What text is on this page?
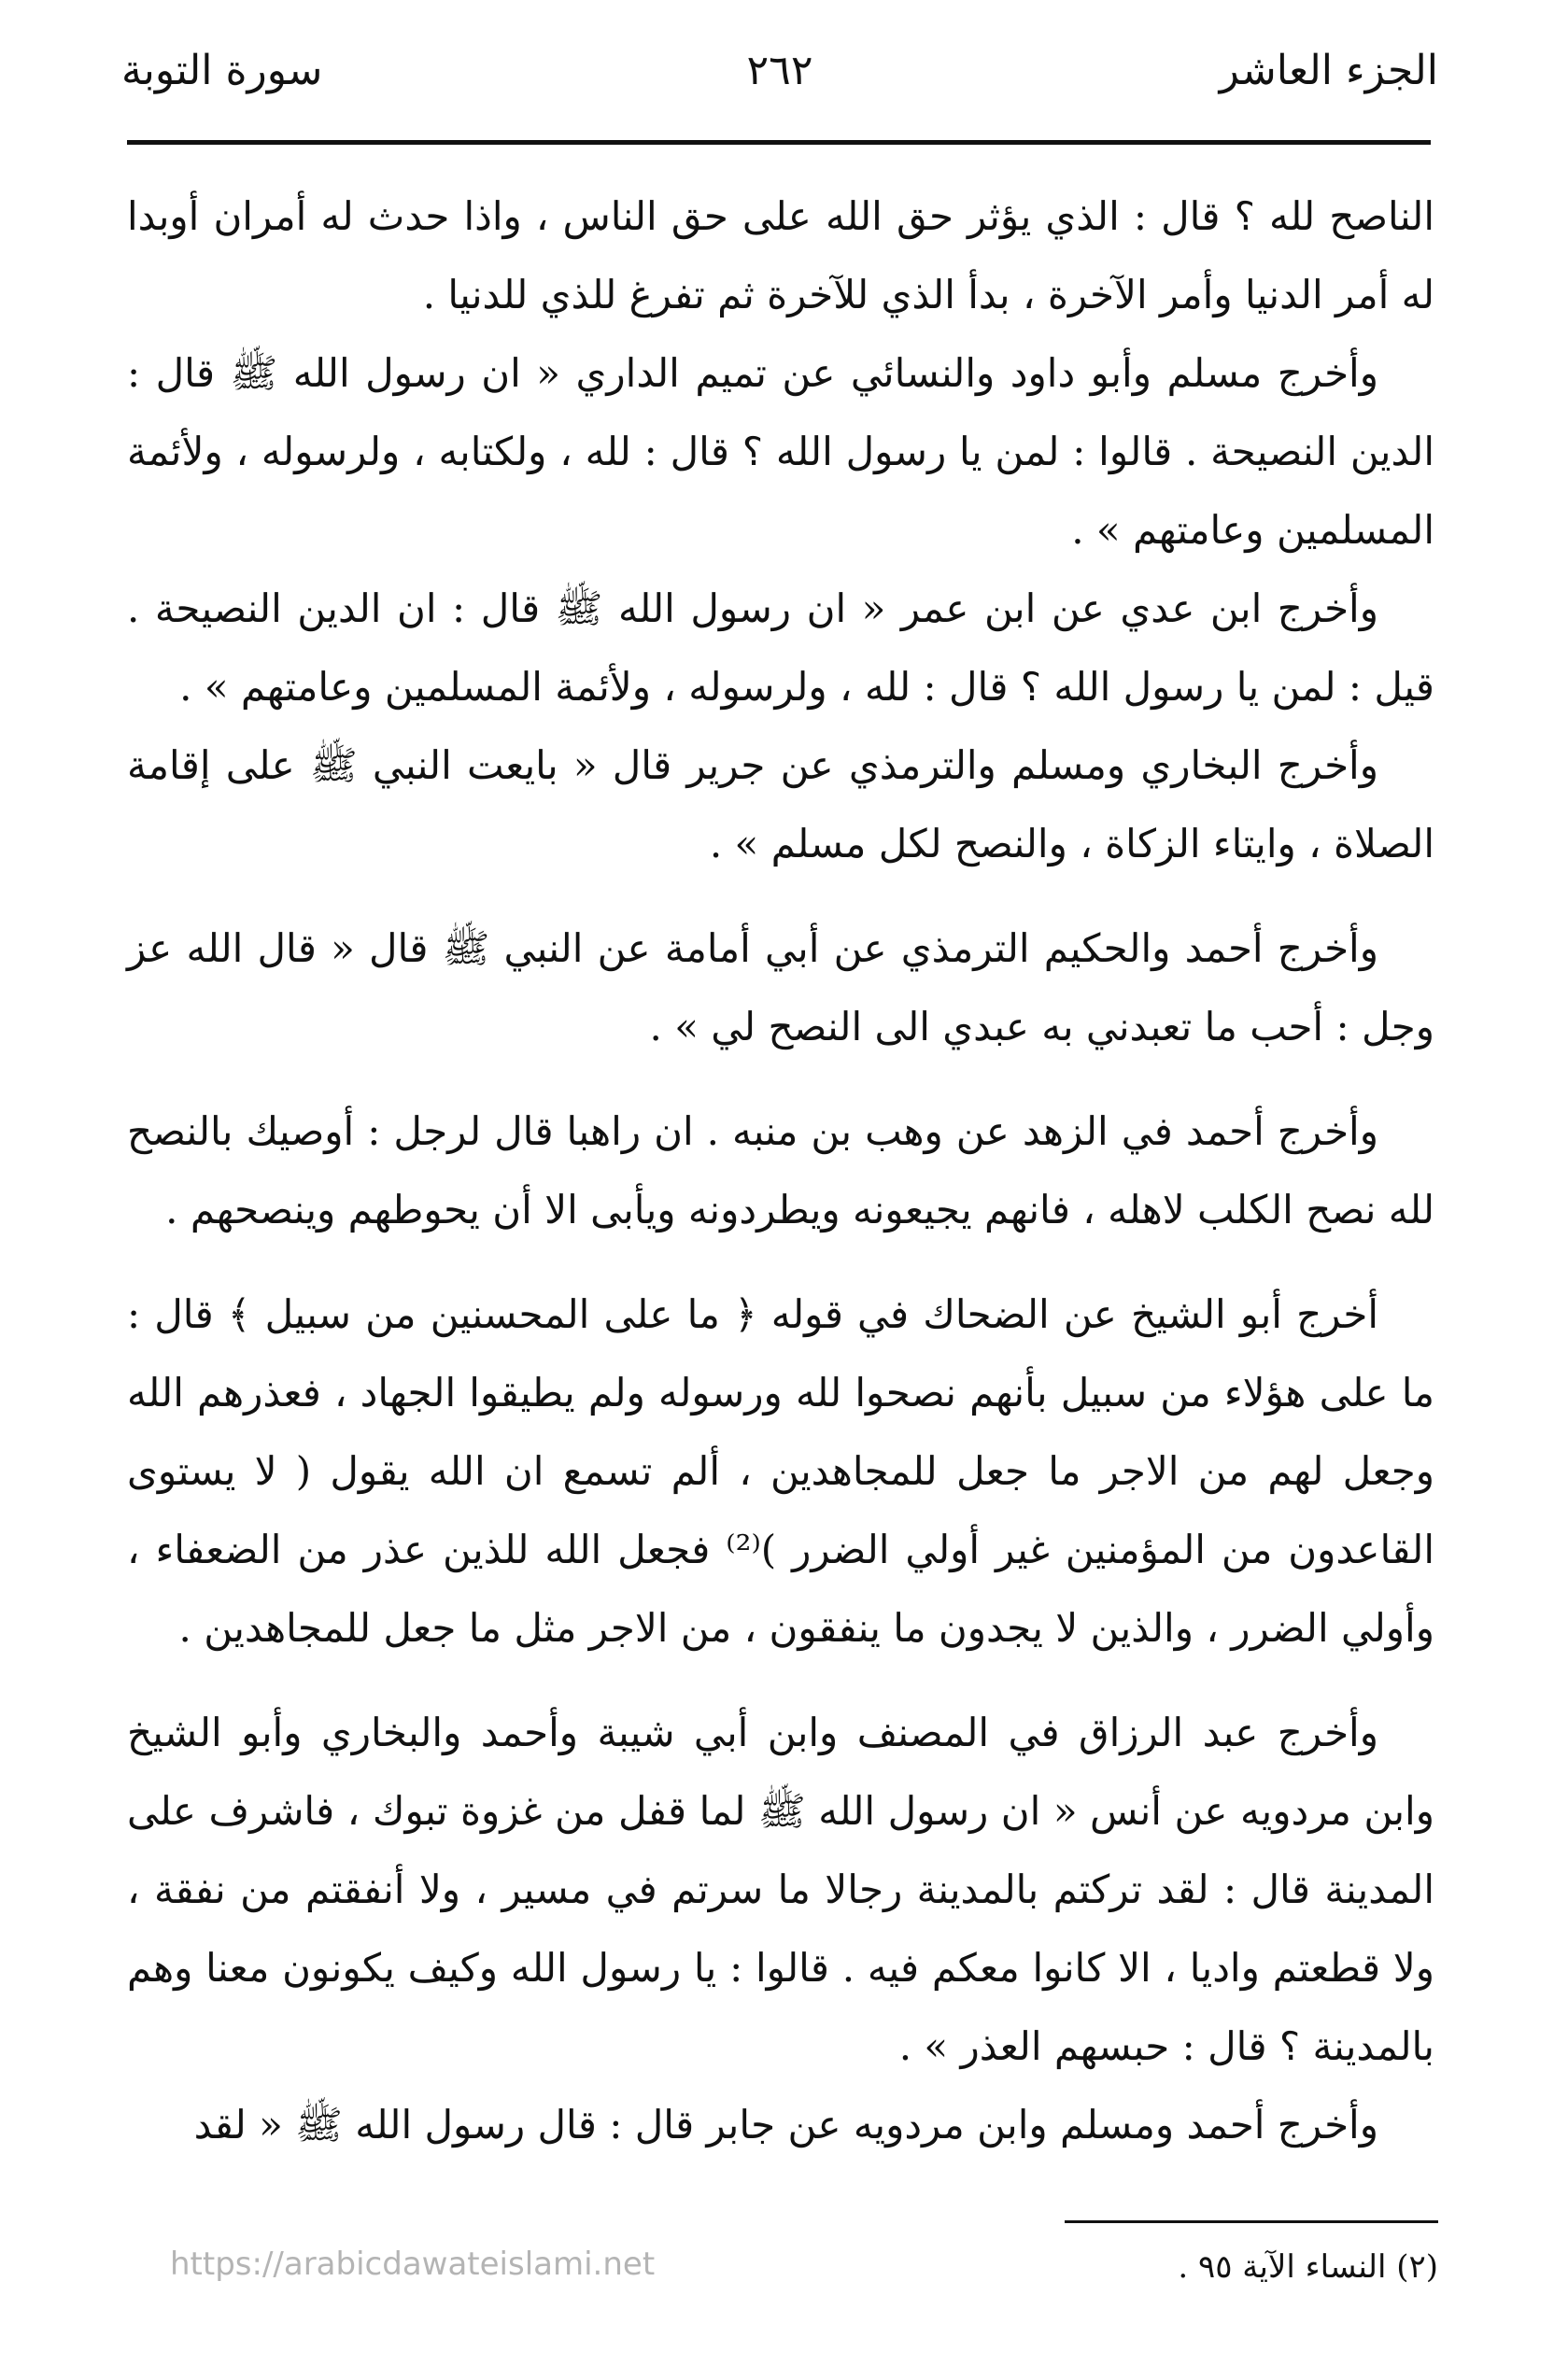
الجزء العاشر
٢٦٢
سورة التوبة

الناصح لله ؟ قال : الذي يؤثر حق الله على حق الناس ، واذا حدث له أمران أوبدا له أمر الدنيا وأمر الآخرة ، بدأ الذي للآخرة ثم تفرغ للذي للدنيا .

وأخرج مسلم وأبو داود والنسائي عن تميم الداري « ان رسول الله ﷺ قال : الدين النصيحة . قالوا : لمن يا رسول الله ؟ قال : لله ، ولكتابه ، ولرسوله ، ولأئمة المسلمين وعامتهم » .

وأخرج ابن عدي عن ابن عمر « ان رسول الله ﷺ قال : ان الدين النصيحة . قيل : لمن يا رسول الله ؟ قال : لله ، ولرسوله ، ولأئمة المسلمين وعامتهم » .

وأخرج البخاري ومسلم والترمذي عن جرير قال « بايعت النبي ﷺ على إقامة الصلاة ، وايتاء الزكاة ، والنصح لكل مسلم » .

وأخرج أحمد والحكيم الترمذي عن أبي أمامة عن النبي ﷺ قال « قال الله عز وجل : أحب ما تعبدني به عبدي الى النصح لي » .

وأخرج أحمد في الزهد عن وهب بن منبه . ان راهبا قال لرجل : أوصيك بالنصح لله نصح الكلب لاهله ، فانهم يجيعونه ويطردونه ويأبى الا أن يحوطهم وينصحهم .

أخرج أبو الشيخ عن الضحاك في قوله ﴿ ما على المحسنين من سبيل ﴾ قال : ما على هؤلاء من سبيل بأنهم نصحوا لله ورسوله ولم يطيقوا الجهاد ، فعذرهم الله وجعل لهم من الاجر ما جعل للمجاهدين ، ألم تسمع ان الله يقول ( لا يستوى القاعدون من المؤمنين غير أولي الضرر )⁽²⁾ فجعل الله للذين عذر من الضعفاء ، وأولي الضرر ، والذين لا يجدون ما ينفقون ، من الاجر مثل ما جعل للمجاهدين .

وأخرج عبد الرزاق في المصنف وابن أبي شيبة وأحمد والبخاري وأبو الشيخ وابن مردويه عن أنس « ان رسول الله ﷺ لما قفل من غزوة تبوك ، فاشرف على المدينة قال : لقد تركتم بالمدينة رجالا ما سرتم في مسير ، ولا أنفقتم من نفقة ، ولا قطعتم واديا ، الا كانوا معكم فيه . قالوا : يا رسول الله وكيف يكونون معنا وهم بالمدينة ؟ قال : حبسهم العذر » .

وأخرج أحمد ومسلم وابن مردويه عن جابر قال : قال رسول الله ﷺ « لقد

(٢) النساء الآية ٩٥ .
https://arabicdawateislami.net
